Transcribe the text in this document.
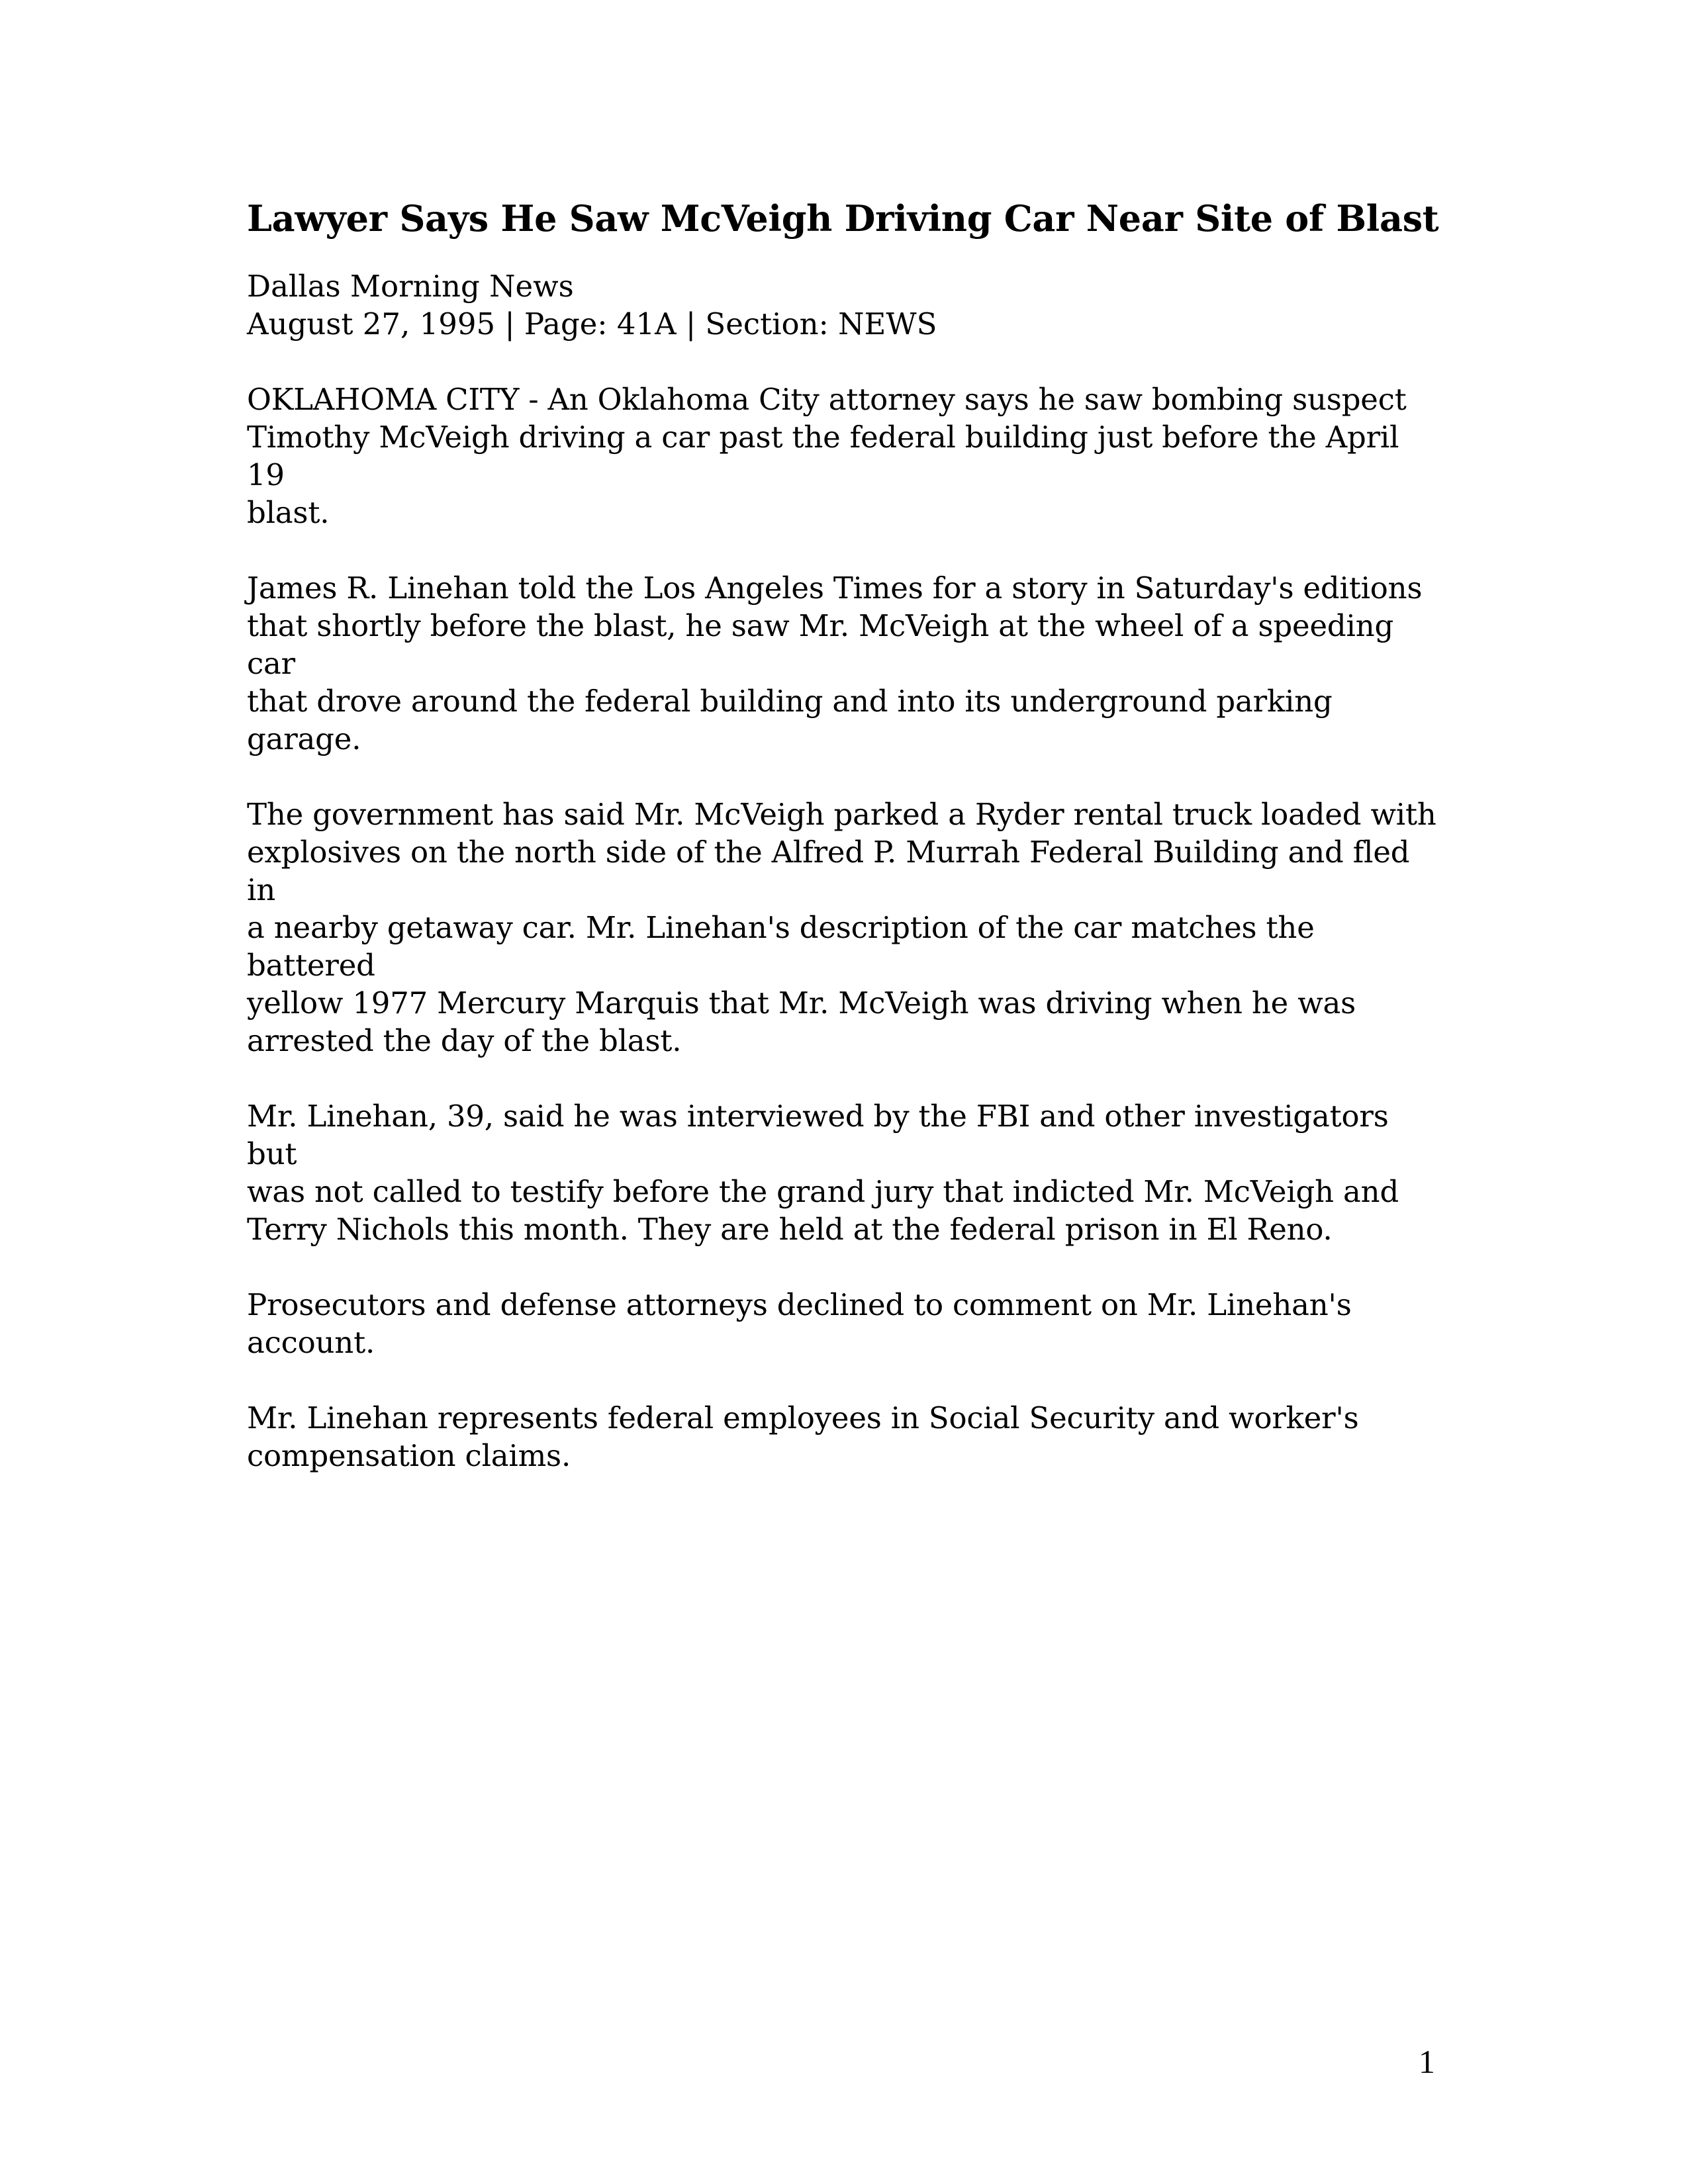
Lawyer Says He Saw McVeigh Driving Car Near Site of Blast
Dallas Morning News
August 27, 1995 | Page: 41A | Section: NEWS

OKLAHOMA CITY - An Oklahoma City attorney says he saw bombing suspect
Timothy McVeigh driving a car past the federal building just before the April 19
blast.

James R. Linehan told the Los Angeles Times for a story in Saturday's editions
that shortly before the blast, he saw Mr. McVeigh at the wheel of a speeding car
that drove around the federal building and into its underground parking garage.

The government has said Mr. McVeigh parked a Ryder rental truck loaded with
explosives on the north side of the Alfred P. Murrah Federal Building and fled in
a nearby getaway car. Mr. Linehan's description of the car matches the battered
yellow 1977 Mercury Marquis that Mr. McVeigh was driving when he was
arrested the day of the blast.

Mr. Linehan, 39, said he was interviewed by the FBI and other investigators but
was not called to testify before the grand jury that indicted Mr. McVeigh and
Terry Nichols this month. They are held at the federal prison in El Reno.

Prosecutors and defense attorneys declined to comment on Mr. Linehan's
account.

Mr. Linehan represents federal employees in Social Security and worker's
compensation claims.

1
